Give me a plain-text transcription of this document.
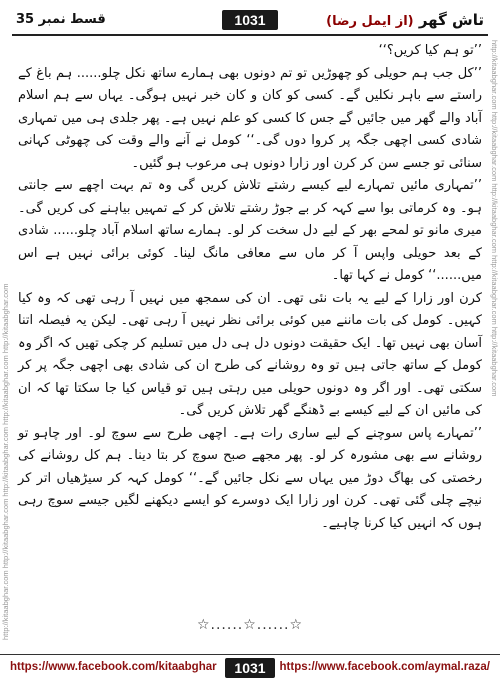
تاش گھر (از ایمل رضا)
1031
قسط نمبر 35
http://kitaabghar.com http://kitaabghar.com http://kitaabghar.com http://kitaabghar.com http://kitaabghar.com
http://kitaabghar.com http://kitaabghar.com http://kitaabghar.com http://kitaabghar.com http://kitaabghar.com

’’تو ہم کیا کریں؟‘‘

’’کل جب ہم حویلی کو چھوڑیں تو تم دونوں بھی ہمارے ساتھ نکل چلو...... ہم باغ کے راستے سے باہر نکلیں گے۔ کسی کو کان و کان خبر نہیں ہوگی۔ یہاں سے ہم اسلام آباد والے گھر میں جائیں گے جس کا کسی کو علم نہیں ہے۔ پھر جلدی ہی میں تمہاری شادی کسی اچھی جگہ پر کروا دوں گی۔‘‘ کومل نے آنے والے وقت کی چھوٹی کہانی سنائی تو جسے سن کر کرن اور زارا دونوں ہی مرعوب ہو گئیں۔

’’تمہاری مائیں تمہارے لیے کیسے رشتے تلاش کریں گی وہ تم بہت اچھے سے جانتی ہو۔ وہ کرماتی بوا سے کہہ کر بے جوڑ رشتے تلاش کر کے تمہیں بیاہنے کی کریں گی۔ میری مانو تو لمحے بھر کے لیے دل سخت کر لو۔ ہمارے ساتھ اسلام آباد چلو...... شادی کے بعد حویلی واپس آ کر ماں سے معافی مانگ لینا۔ کوئی برائی نہیں ہے اس میں......‘‘ کومل نے کہا تھا۔

کرن اور زارا کے لیے یہ بات نئی تھی۔ ان کی سمجھ میں نہیں آ رہی تھی کہ وہ کیا کہیں۔ کومل کی بات ماننے میں کوئی برائی نظر نہیں آ رہی تھی۔ لیکن یہ فیصلہ اتنا آسان بھی نہیں تھا۔ ایک حقیقت دونوں دل ہی دل میں تسلیم کر چکی تھیں کہ اگر وہ کومل کے ساتھ جاتی ہیں تو وہ روشانے کی طرح ان کی شادی بھی اچھی جگہ پر کر سکتی تھی۔ اور اگر وہ دونوں حویلی میں رہتی ہیں تو قیاس کیا جا سکتا تھا کہ ان کی مائیں ان کے لیے کیسے بے ڈھنگے گھر تلاش کریں گی۔

’’تمہارے پاس سوچنے کے لیے ساری رات ہے۔ اچھی طرح سے سوچ لو۔ اور چاہو تو روشانے سے بھی مشورہ کر لو۔ پھر مجھے صبح سوچ کر بتا دینا۔ ہم کل روشانے کی رخصتی کی بھاگ دوڑ میں یہاں سے نکل جائیں گے۔‘‘ کومل کہہ کر سیڑھیاں اتر کر نیچے چلی گئی تھی۔ کرن اور زارا ایک دوسرے کو ایسے دیکھنے لگیں جیسے سوچ رہی ہوں کہ انہیں کیا کرنا چاہیے۔

☆......☆......☆
https://www.facebook.com/kitaabghar	1031	https://www.facebook.com/aymal.raza/
